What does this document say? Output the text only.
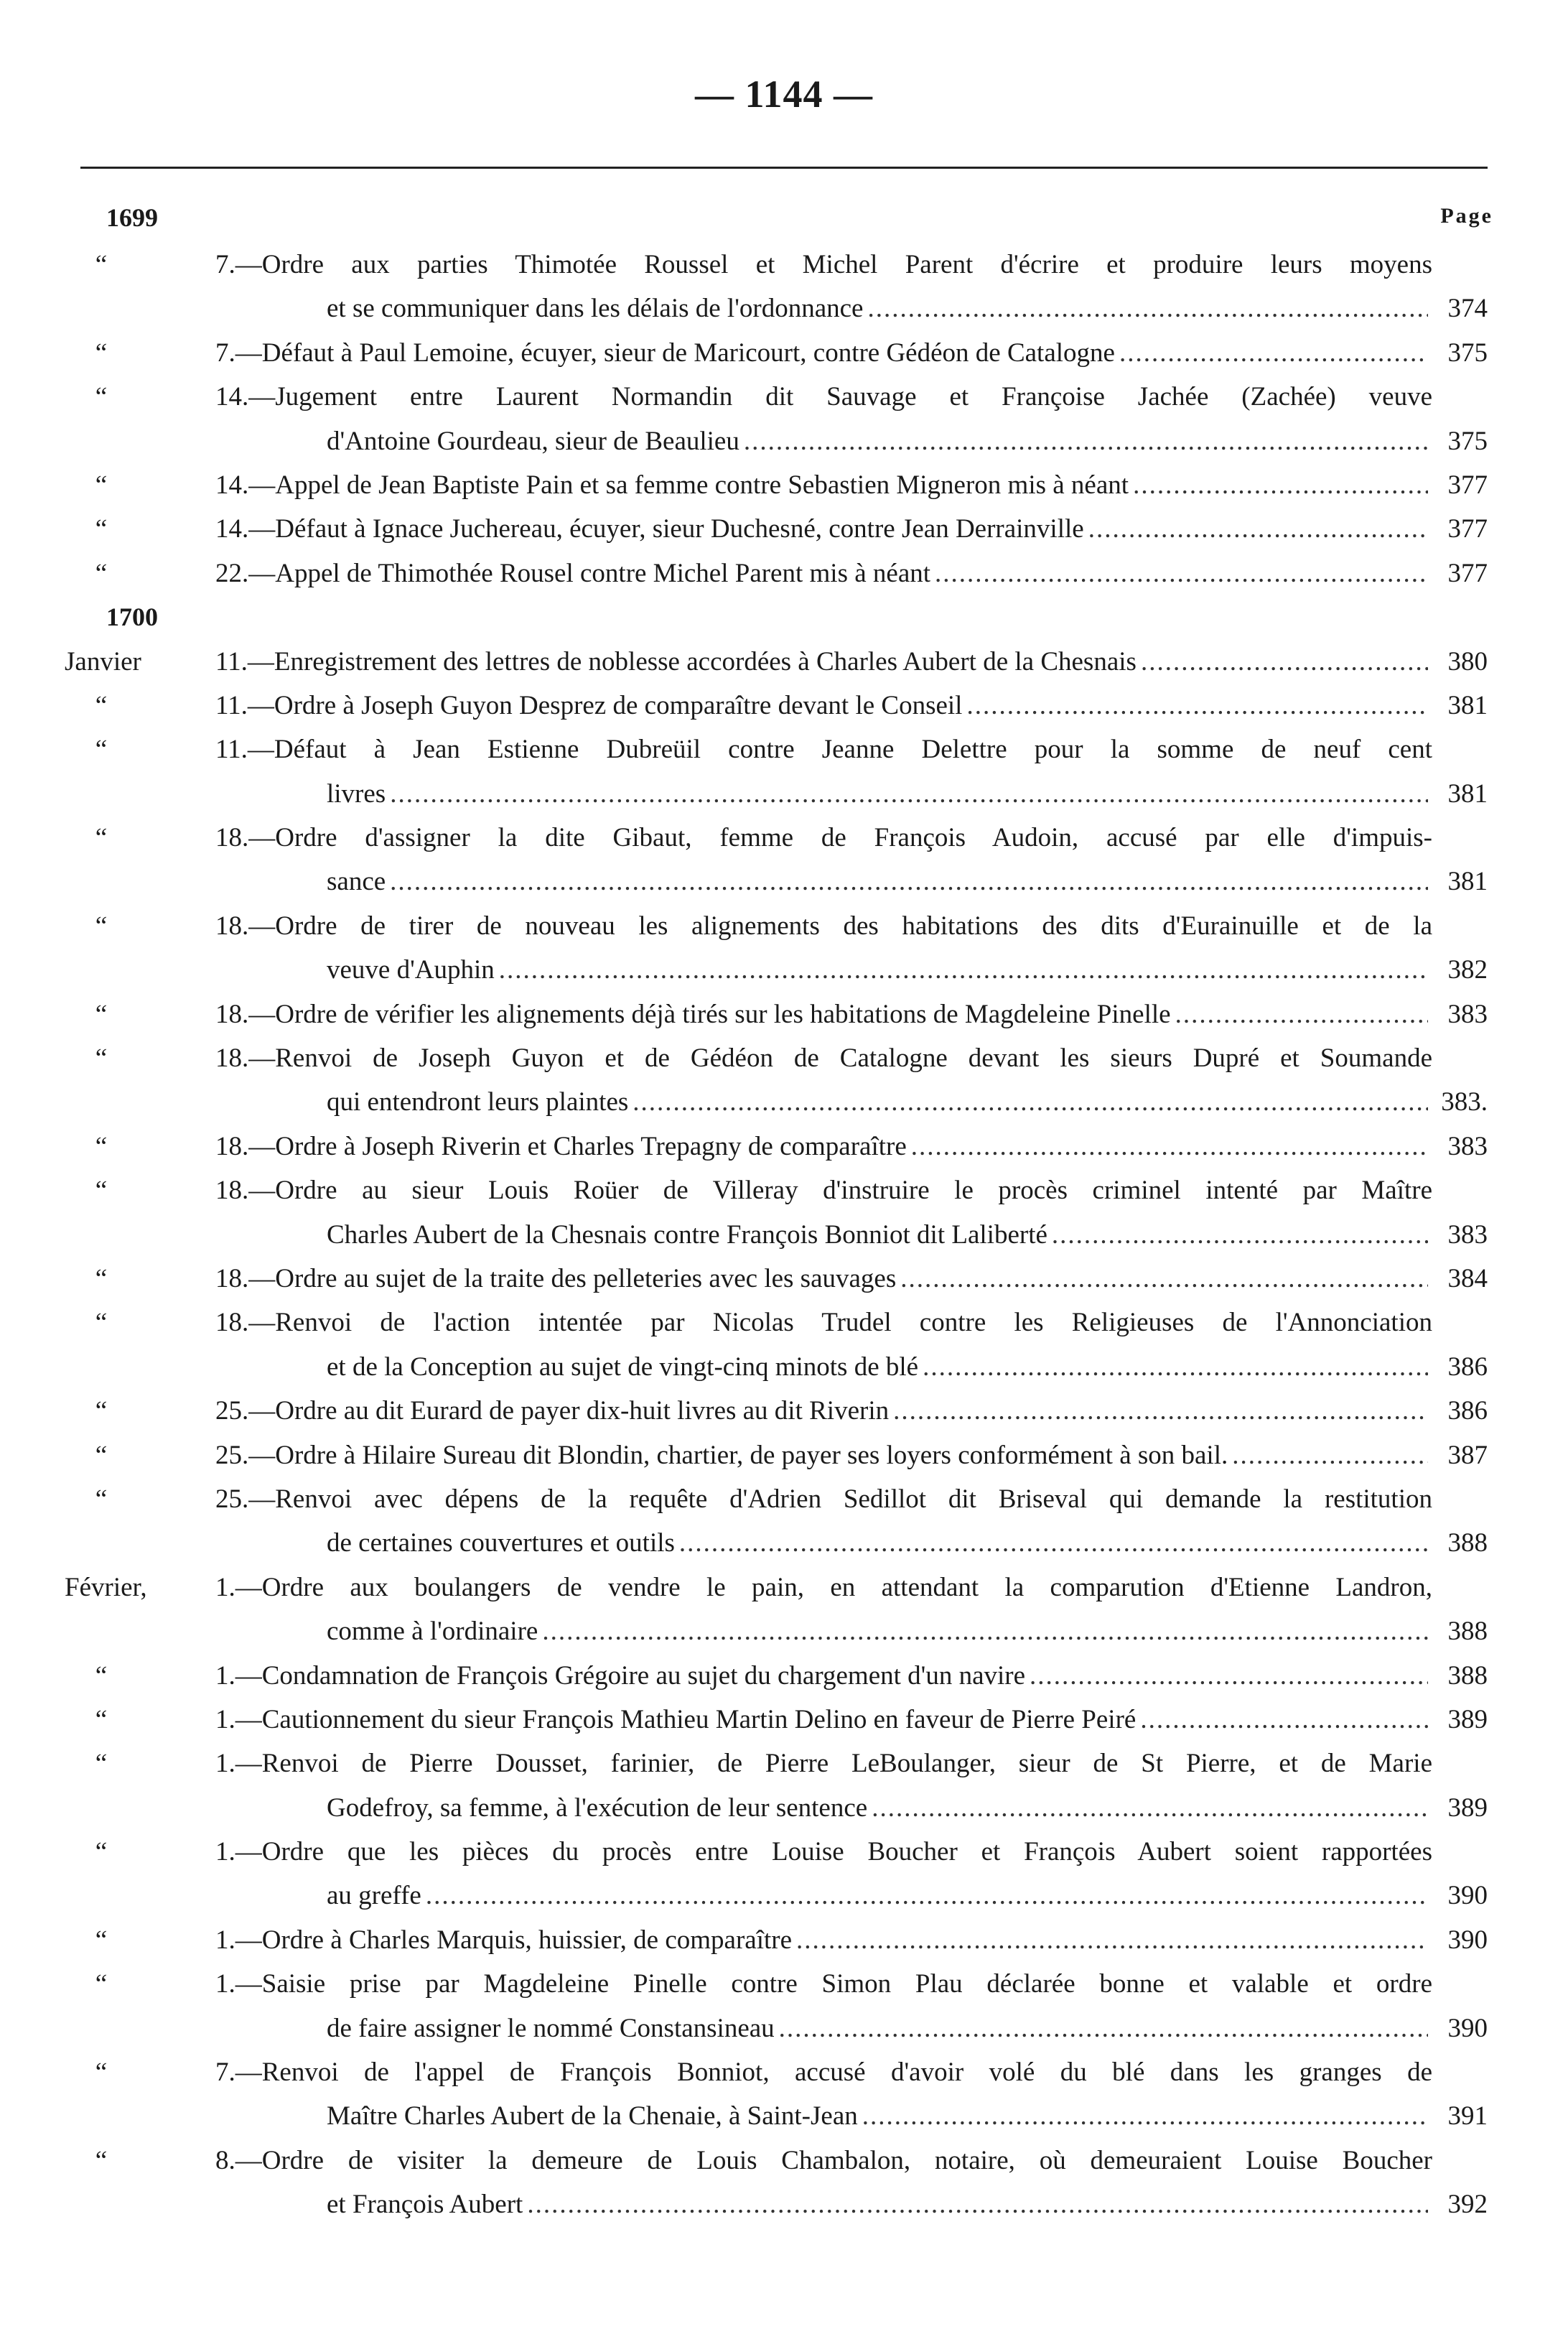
— 1144 —
1699	Page
“	7.—Ordre aux parties Thimotée Roussel et Michel Parent d'écrire et produire leurs moyens
et se communiquer dans les délais de l'ordonnance .....	374
“	7.—Défaut à Paul Lemoine, écuyer, sieur de Maricourt, contre Gédéon de Catalogne .....	375
“	14.—Jugement entre Laurent Normandin dit Sauvage et Françoise Jachée (Zachée) veuve
d'Antoine Gourdeau, sieur de Beaulieu .....	375
“	14.—Appel de Jean Baptiste Pain et sa femme contre Sebastien Migneron mis à néant .....	377
“	14.—Défaut à Ignace Juchereau, écuyer, sieur Duchesné, contre Jean Derrainville .....	377
“	22.—Appel de Thimothée Rousel contre Michel Parent mis à néant .....	377
1700
Janvier	11.—Enregistrement des lettres de noblesse accordées à Charles Aubert de la Chesnais .....	380
“	11.—Ordre à Joseph Guyon Desprez de comparaître devant le Conseil .....	381
“	11.—Défaut à Jean Estienne Dubreüil contre Jeanne Delettre pour la somme de neuf cent
livres .....	381
“	18.—Ordre d'assigner la dite Gibaut, femme de François Audoin, accusé par elle d'impuis-
sance .....	381
“	18.—Ordre de tirer de nouveau les alignements des habitations des dits d'Eurainuille et de la
veuve d'Auphin .....	382
“	18.—Ordre de vérifier les alignements déjà tirés sur les habitations de Magdeleine Pinelle .....	383
“	18.—Renvoi de Joseph Guyon et de Gédéon de Catalogne devant les sieurs Dupré et Soumande
qui entendront leurs plaintes .....	383.
“	18.—Ordre à Joseph Riverin et Charles Trepagny de comparaître .....	383
“	18.—Ordre au sieur Louis Roüer de Villeray d'instruire le procès criminel intenté par Maître
Charles Aubert de la Chesnais contre François Bonniot dit Laliberté .....	383
“	18.—Ordre au sujet de la traite des pelleteries avec les sauvages .....	384
“	18.—Renvoi de l'action intentée par Nicolas Trudel contre les Religieuses de l'Annonciation
et de la Conception au sujet de vingt-cinq minots de blé .....	386
“	25.—Ordre au dit Eurard de payer dix-huit livres au dit Riverin .....	386
“	25.—Ordre à Hilaire Sureau dit Blondin, chartier, de payer ses loyers conformément à son bail. .....	387
“	25.—Renvoi avec dépens de la requête d'Adrien Sedillot dit Briseval qui demande la restitution
de certaines couvertures et outils .....	388
Février,	1.—Ordre aux boulangers de vendre le pain, en attendant la comparution d'Etienne Landron,
comme à l'ordinaire .....	388
“	1.—Condamnation de François Grégoire au sujet du chargement d'un navire .....	388
“	1.—Cautionnement du sieur François Mathieu Martin Delino en faveur de Pierre Peiré .....	389
“	1.—Renvoi de Pierre Dousset, farinier, de Pierre LeBoulanger, sieur de St Pierre, et de Marie
Godefroy, sa femme, à l'exécution de leur sentence .....	389
“	1.—Ordre que les pièces du procès entre Louise Boucher et François Aubert soient rapportées
au greffe .....	390
“	1.—Ordre à Charles Marquis, huissier, de comparaître .....	390
“	1.—Saisie prise par Magdeleine Pinelle contre Simon Plau déclarée bonne et valable et ordre
de faire assigner le nommé Constansineau .....	390
“	7.—Renvoi de l'appel de François Bonniot, accusé d'avoir volé du blé dans les granges de
Maître Charles Aubert de la Chenaie, à Saint-Jean .....	391
“	8.—Ordre de visiter la demeure de Louis Chambalon, notaire, où demeuraient Louise Boucher
et François Aubert .....	392
